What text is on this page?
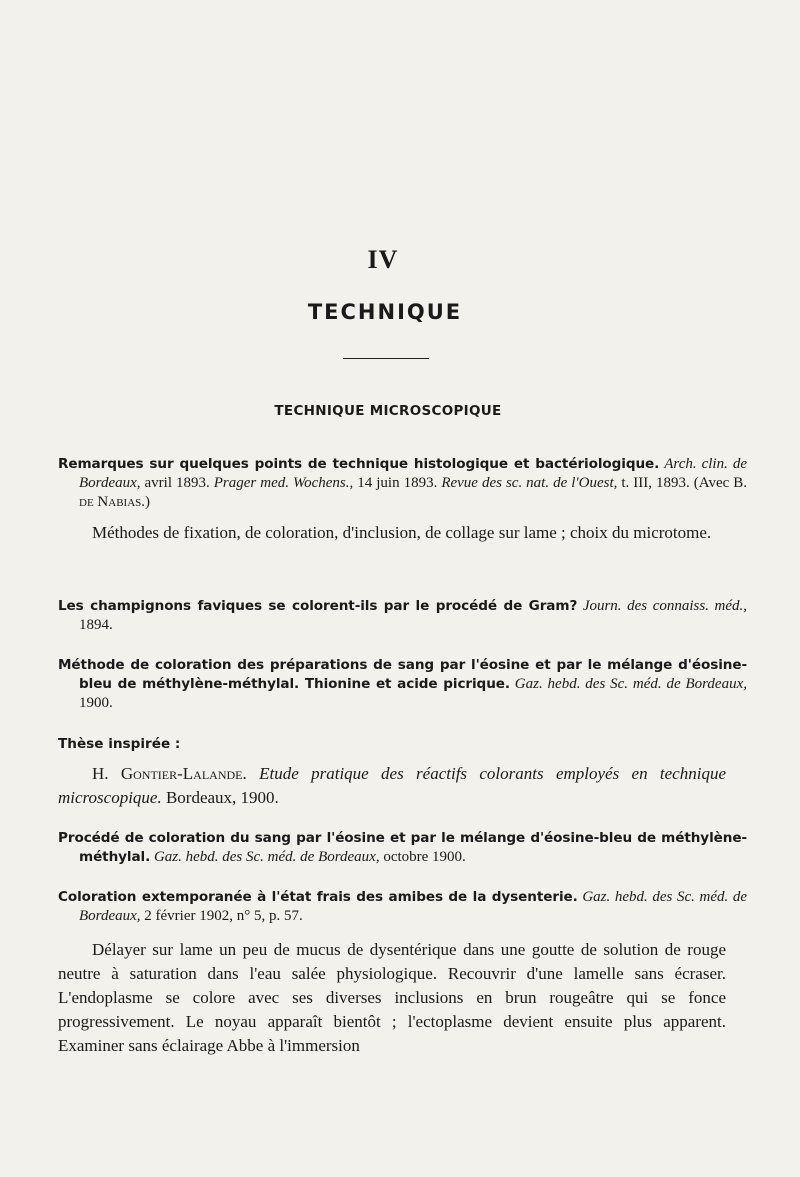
IV
TECHNIQUE
TECHNIQUE MICROSCOPIQUE
Remarques sur quelques points de technique histologique et bactériologique. Arch. clin. de Bordeaux, avril 1893. Prager med. Wochens., 14 juin 1893. Revue des sc. nat. de l'Ouest, t. III, 1893. (Avec B. de Nabias.)
Méthodes de fixation, de coloration, d'inclusion, de collage sur lame ; choix du microtome.
Les champignons faviques se colorent-ils par le procédé de Gram? Journ. des connaiss. méd., 1894.
Méthode de coloration des préparations de sang par l'éosine et par le mélange d'éosine-bleu de méthylène-méthylal. Thionine et acide picrique. Gaz. hebd. des Sc. méd. de Bordeaux, 1900.
Thèse inspirée :
H. Gontier-Lalande. Etude pratique des réactifs colorants employés en technique microscopique. Bordeaux, 1900.
Procédé de coloration du sang par l'éosine et par le mélange d'éosine-bleu de méthylène-méthylal. Gaz. hebd. des Sc. méd. de Bordeaux, octobre 1900.
Coloration extemporanée à l'état frais des amibes de la dysenterie. Gaz. hebd. des Sc. méd. de Bordeaux, 2 février 1902, n° 5, p. 57.
Délayer sur lame un peu de mucus de dysentérique dans une goutte de solution de rouge neutre à saturation dans l'eau salée physiologique. Recouvrir d'une lamelle sans écraser. L'endoplasme se colore avec ses diverses inclusions en brun rougeâtre qui se fonce progressivement. Le noyau apparaît bientôt ; l'ectoplasme devient ensuite plus apparent. Examiner sans éclairage Abbe à l'immersion
